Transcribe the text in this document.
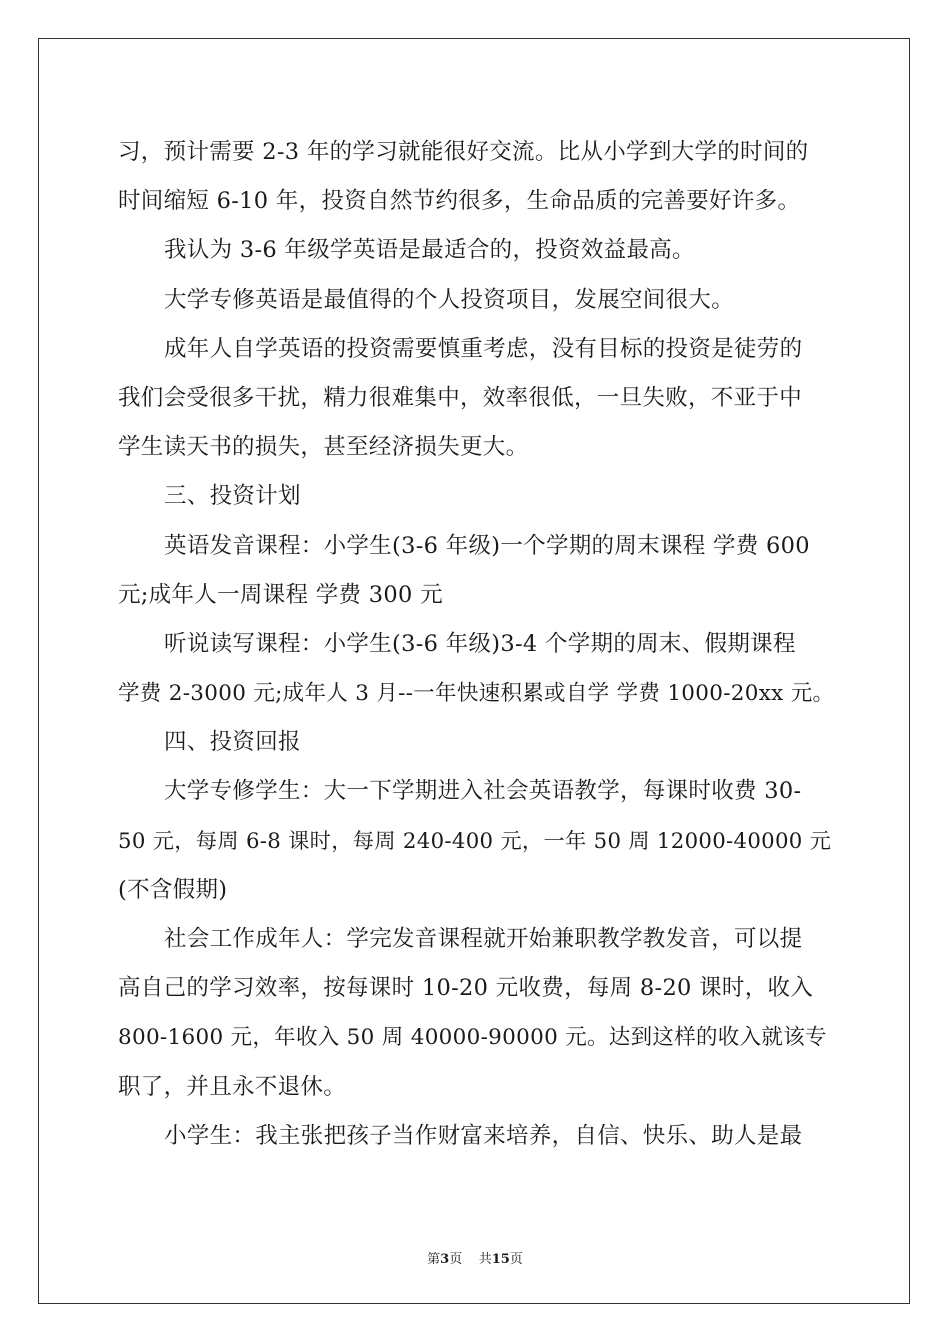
习，预计需要 2-3 年的学习就能很好交流。比从小学到大学的时间的
时间缩短 6-10 年，投资自然节约很多，生命品质的完善要好许多。
我认为 3-6 年级学英语是最适合的，投资效益最高。
大学专修英语是最值得的个人投资项目，发展空间很大。
成年人自学英语的投资需要慎重考虑，没有目标的投资是徒劳的
我们会受很多干扰，精力很难集中，效率很低，一旦失败，不亚于中
学生读天书的损失，甚至经济损失更大。
三、投资计划
英语发音课程：小学生(3-6 年级)一个学期的周末课程 学费 600
元;成年人一周课程 学费 300 元
听说读写课程：小学生(3-6 年级)3-4 个学期的周末、假期课程
学费 2-3000 元;成年人 3 月--一年快速积累或自学 学费 1000-20xx 元。
四、投资回报
大学专修学生：大一下学期进入社会英语教学，每课时收费 30-
50 元，每周 6-8 课时，每周 240-400 元，一年 50 周 12000-40000 元
(不含假期)
社会工作成年人：学完发音课程就开始兼职教学教发音，可以提
高自己的学习效率，按每课时 10-20 元收费，每周 8-20 课时，收入
800-1600 元，年收入 50 周 40000-90000 元。达到这样的收入就该专
职了，并且永不退休。
小学生：我主张把孩子当作财富来培养，自信、快乐、助人是最
第3页 共15页
